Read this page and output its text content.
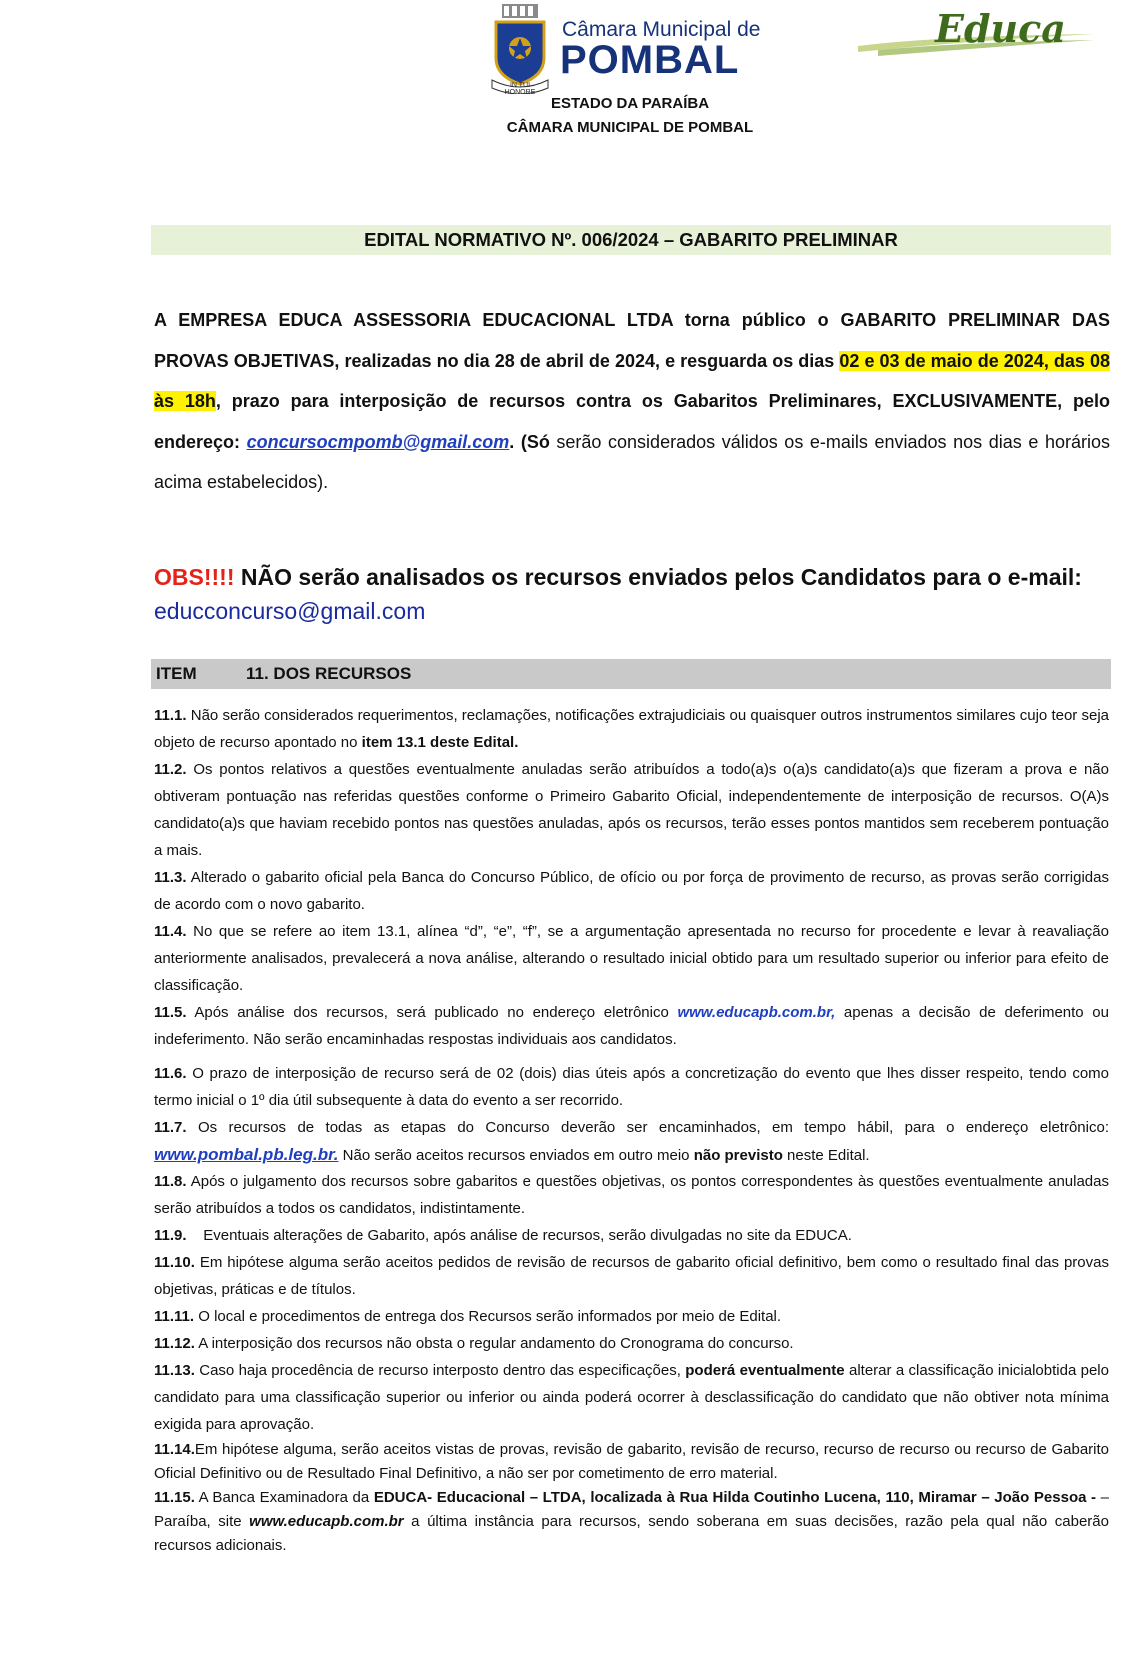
IN TUI HONORE
Câmara Municipal de
POMBAL
Educa
ESTADO DA PARAÍBA
CÂMARA MUNICIPAL DE POMBAL
EDITAL NORMATIVO Nº. 006/2024 – GABARITO PRELIMINAR
A EMPRESA EDUCA ASSESSORIA EDUCACIONAL LTDA torna público o GABARITO PRELIMINAR DAS PROVAS OBJETIVAS, realizadas no dia 28 de abril de 2024, e resguarda os dias 02 e 03 de maio de 2024, das 08 às 18h, prazo para interposição de recursos contra os Gabaritos Preliminares, EXCLUSIVAMENTE, pelo endereço: concursocmpomb@gmail.com. (Só serão considerados válidos os e-mails enviados nos dias e horários acima estabelecidos).
OBS!!!! NÃO serão analisados os recursos enviados pelos Candidatos para o e-mail:
educconcurso@gmail.com
ITEM	11. DOS RECURSOS
11.1. Não serão considerados requerimentos, reclamações, notificações extrajudiciais ou quaisquer outros instrumentos similares cujo teor seja objeto de recurso apontado no item 13.1 deste Edital.
11.2. Os pontos relativos a questões eventualmente anuladas serão atribuídos a todo(a)s o(a)s candidato(a)s que fizeram a prova e não obtiveram pontuação nas referidas questões conforme o Primeiro Gabarito Oficial, independentemente de interposição de recursos. O(A)s candidato(a)s que haviam recebido pontos nas questões anuladas, após os recursos, terão esses pontos mantidos sem receberem pontuação a mais.
11.3. Alterado o gabarito oficial pela Banca do Concurso Público, de ofício ou por força de provimento de recurso, as provas serão corrigidas de acordo com o novo gabarito.
11.4. No que se refere ao item 13.1, alínea “d”, “e”, “f”, se a argumentação apresentada no recurso for procedente e levar à reavaliação anteriormente analisados, prevalecerá a nova análise, alterando o resultado inicial obtido para um resultado superior ou inferior para efeito de classificação.
11.5. Após análise dos recursos, será publicado no endereço eletrônico www.educapb.com.br, apenas a decisão de deferimento ou indeferimento. Não serão encaminhadas respostas individuais aos candidatos.
11.6. O prazo de interposição de recurso será de 02 (dois) dias úteis após a concretização do evento que lhes disser respeito, tendo como termo inicial o 1º dia útil subsequente à data do evento a ser recorrido.
11.7. Os recursos de todas as etapas do Concurso deverão ser encaminhados, em tempo hábil, para o endereço eletrônico: www.pombal.pb.leg.br. Não serão aceitos recursos enviados em outro meio não previsto neste Edital.
11.8. Após o julgamento dos recursos sobre gabaritos e questões objetivas, os pontos correspondentes às questões eventualmente anuladas serão atribuídos a todos os candidatos, indistintamente.
11.9.    Eventuais alterações de Gabarito, após análise de recursos, serão divulgadas no site da EDUCA.
11.10. Em hipótese alguma serão aceitos pedidos de revisão de recursos de gabarito oficial definitivo, bem como o resultado final das provas objetivas, práticas e de títulos.
11.11. O local e procedimentos de entrega dos Recursos serão informados por meio de Edital.
11.12. A interposição dos recursos não obsta o regular andamento do Cronograma do concurso.
11.13. Caso haja procedência de recurso interposto dentro das especificações, poderá eventualmente alterar a classificação inicialobtida pelo candidato para uma classificação superior ou inferior ou ainda poderá ocorrer à desclassificação do candidato que não obtiver nota mínima exigida para aprovação.
11.14.Em hipótese alguma, serão aceitos vistas de provas, revisão de gabarito, revisão de recurso, recurso de recurso ou recurso de Gabarito Oficial Definitivo ou de Resultado Final Definitivo, a não ser por cometimento de erro material.
11.15. A Banca Examinadora da EDUCA- Educacional – LTDA, localizada à Rua Hilda Coutinho Lucena, 110, Miramar – João Pessoa - –Paraíba, site www.educapb.com.br a última instância para recursos, sendo soberana em suas decisões, razão pela qual não caberão recursos adicionais.
